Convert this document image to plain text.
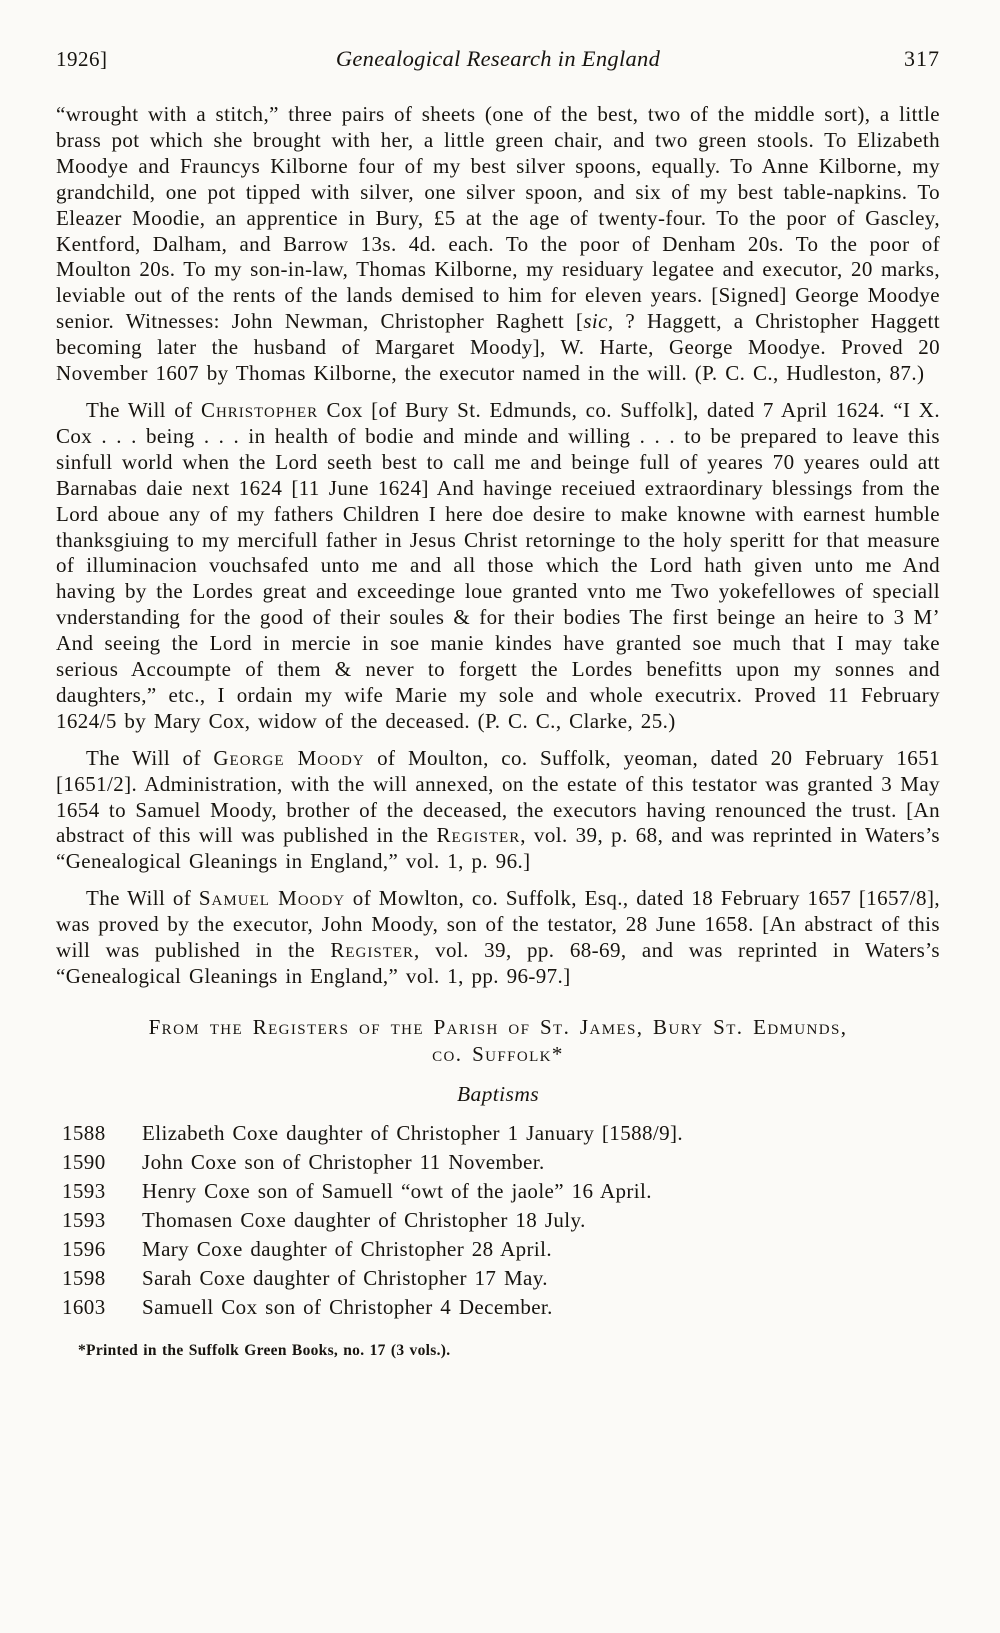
1926]	Genealogical Research in England	317

“wrought with a stitch,” three pairs of sheets (one of the best, two of the middle sort), a little brass pot which she brought with her, a little green chair, and two green stools. To Elizabeth Moodye and Frauncys Kilborne four of my best silver spoons, equally. To Anne Kilborne, my grandchild, one pot tipped with silver, one silver spoon, and six of my best table-napkins. To Eleazer Moodie, an apprentice in Bury, £5 at the age of twenty-four. To the poor of Gascley, Kentford, Dalham, and Barrow 13s. 4d. each. To the poor of Denham 20s. To the poor of Moulton 20s. To my son-in-law, Thomas Kilborne, my residuary legatee and executor, 20 marks, leviable out of the rents of the lands demised to him for eleven years. [Signed] George Moodye senior. Witnesses: John Newman, Christopher Raghett [sic, ? Haggett, a Christopher Haggett becoming later the husband of Margaret Moody], W. Harte, George Moodye. Proved 20 November 1607 by Thomas Kilborne, the executor named in the will. (P. C. C., Hudleston, 87.)

The Will of Christopher Cox [of Bury St. Edmunds, co. Suffolk], dated 7 April 1624. “I X. Cox . . . being . . . in health of bodie and minde and willing . . . to be prepared to leave this sinfull world when the Lord seeth best to call me and beinge full of yeares 70 yeares ould att Barnabas daie next 1624 [11 June 1624] And havinge receiued extraordinary blessings from the Lord aboue any of my fathers Children I here doe desire to make knowne with earnest humble thanksgiuing to my mercifull father in Jesus Christ retorninge to the holy speritt for that measure of illuminacion vouchsafed unto me and all those which the Lord hath given unto me And having by the Lordes great and exceedinge loue granted vnto me Two yokefellowes of speciall vnderstanding for the good of their soules & for their bodies The first beinge an heire to 3 M’ And seeing the Lord in mercie in soe manie kindes have granted soe much that I may take serious Accoumpte of them & never to forgett the Lordes benefitts upon my sonnes and daughters,” etc., I ordain my wife Marie my sole and whole executrix. Proved 11 February 1624/5 by Mary Cox, widow of the deceased. (P. C. C., Clarke, 25.)

The Will of George Moody of Moulton, co. Suffolk, yeoman, dated 20 February 1651 [1651/2]. Administration, with the will annexed, on the estate of this testator was granted 3 May 1654 to Samuel Moody, brother of the deceased, the executors having renounced the trust. [An abstract of this will was published in the Register, vol. 39, p. 68, and was reprinted in Waters’s “Genealogical Gleanings in England,” vol. 1, p. 96.]

The Will of Samuel Moody of Mowlton, co. Suffolk, Esq., dated 18 February 1657 [1657/8], was proved by the executor, John Moody, son of the testator, 28 June 1658. [An abstract of this will was published in the Register, vol. 39, pp. 68-69, and was reprinted in Waters’s “Genealogical Gleanings in England,” vol. 1, pp. 96-97.]

From the Registers of the Parish of St. James, Bury St. Edmunds,
co. Suffolk*
Baptisms
1588	Elizabeth Coxe daughter of Christopher 1 January [1588/9].
1590	John Coxe son of Christopher 11 November.
1593	Henry Coxe son of Samuell “owt of the jaole” 16 April.
1593	Thomasen Coxe daughter of Christopher 18 July.
1596	Mary Coxe daughter of Christopher 28 April.
1598	Sarah Coxe daughter of Christopher 17 May.
1603	Samuell Cox son of Christopher 4 December.
*Printed in the Suffolk Green Books, no. 17 (3 vols.).
